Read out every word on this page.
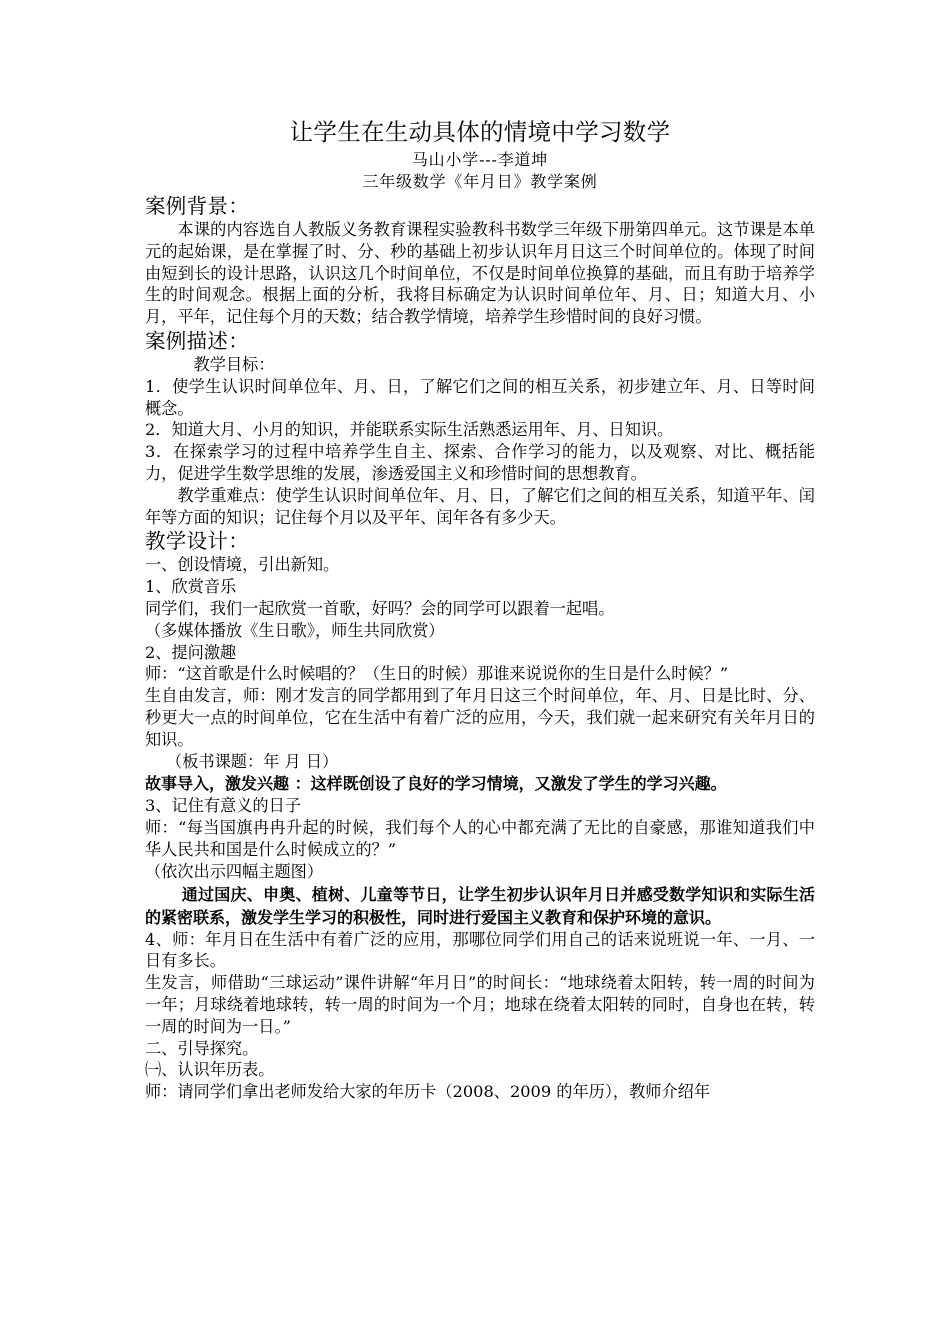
让学生在生动具体的情境中学习数学
马山小学---李道坤
三年级数学《年月日》教学案例
案例背景：

本课的内容选自人教版义务教育课程实验教科书数学三年级下册第四单元。这节课是本单元的起始课，是在掌握了时、分、秒的基础上初步认识年月日这三个时间单位的。体现了时间由短到长的设计思路，认识这几个时间单位，不仅是时间单位换算的基础，而且有助于培养学生的时间观念。根据上面的分析，我将目标确定为认识时间单位年、月、日；知道大月、小月，平年，记住每个月的天数；结合教学情境，培养学生珍惜时间的良好习惯。

案例描述：

教学目标：

1．使学生认识时间单位年、月、日，了解它们之间的相互关系，初步建立年、月、日等时间概念。

2．知道大月、小月的知识，并能联系实际生活熟悉运用年、月、日知识。

3．在探索学习的过程中培养学生自主、探索、合作学习的能力，以及观察、对比、概括能力，促进学生数学思维的发展，渗透爱国主义和珍惜时间的思想教育。

教学重难点：使学生认识时间单位年、月、日，了解它们之间的相互关系，知道平年、闰年等方面的知识；记住每个月以及平年、闰年各有多少天。

教学设计：

一、创设情境，引出新知。

1、欣赏音乐

同学们，我们一起欣赏一首歌，好吗？会的同学可以跟着一起唱。

（多媒体播放《生日歌》，师生共同欣赏）

2、提问激趣

师：“这首歌是什么时候唱的？（生日的时候）那谁来说说你的生日是什么时候？”

生自由发言，师：刚才发言的同学都用到了年月日这三个时间单位，年、月、日是比时、分、秒更大一点的时间单位，它在生活中有着广泛的应用，今天，我们就一起来研究有关年月日的知识。

（板书课题：年 月 日）

故事导入，激发兴趣 ：这样既创设了良好的学习情境，又激发了学生的学习兴趣。

3、记住有意义的日子

师：“每当国旗冉冉升起的时候，我们每个人的心中都充满了无比的自豪感，那谁知道我们中华人民共和国是什么时候成立的？”

（依次出示四幅主题图）

通过国庆、申奥、植树、儿童等节日，让学生初步认识年月日并感受数学知识和实际生活的紧密联系，激发学生学习的积极性，同时进行爱国主义教育和保护环境的意识。

4、师：年月日在生活中有着广泛的应用，那哪位同学们用自己的话来说班说一年、一月、一日有多长。

生发言，师借助“三球运动”课件讲解“年月日”的时间长：“地球绕着太阳转，转一周的时间为一年；月球绕着地球转，转一周的时间为一个月；地球在绕着太阳转的同时，自身也在转，转一周的时间为一日。”

二、引导探究。

㈠、认识年历表。

师：请同学们拿出老师发给大家的年历卡（2008、2009 的年历），教师介绍年
